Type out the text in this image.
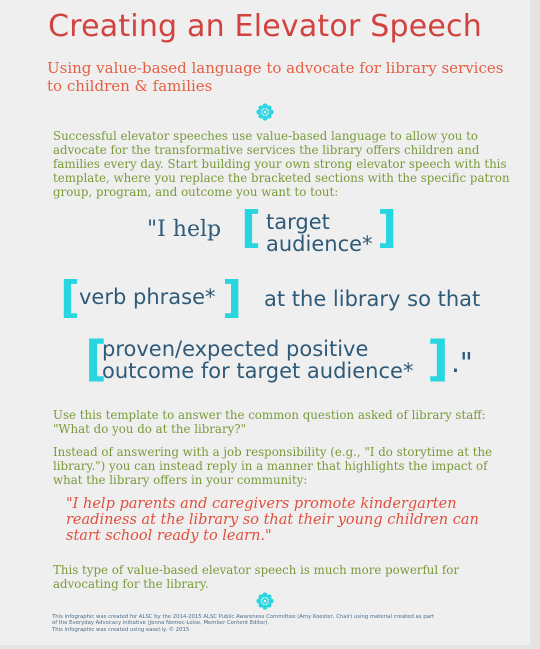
Creating an Elevator Speech
Using value-based language to advocate for library services to children & families
Successful elevator speeches use value-based language to allow you to advocate for the transformative services the library offers children and families every day. Start building your own strong elevator speech with this template, where you replace the bracketed sections with the specific patron group, program, and outcome you want to tout:
"I help [ target
audience* ]
[
verb phrase* ] at the library so that
[
proven/expected positive
outcome for target audience* ] ."
Use this template to answer the common question asked of library staff: "What do you do at the library?"
Instead of answering with a job responsibility (e.g., "I do storytime at the library.") you can instead reply in a manner that highlights the impact of what the library offers in your community:
"I help parents and caregivers promote kindergarten readiness at the library so that their young children can start school ready to learn."
This type of value-based elevator speech is much more powerful for advocating for the library.
This infographic was created for ALSC by the 2014-2015 ALSC Public Awareness Committee (Amy Koester, Chair) using material created as part
of the Everyday Advocacy initiative (Jenna Nemec-Loise, Member Content Editor).
This infographic was created using easel.ly. © 2015
